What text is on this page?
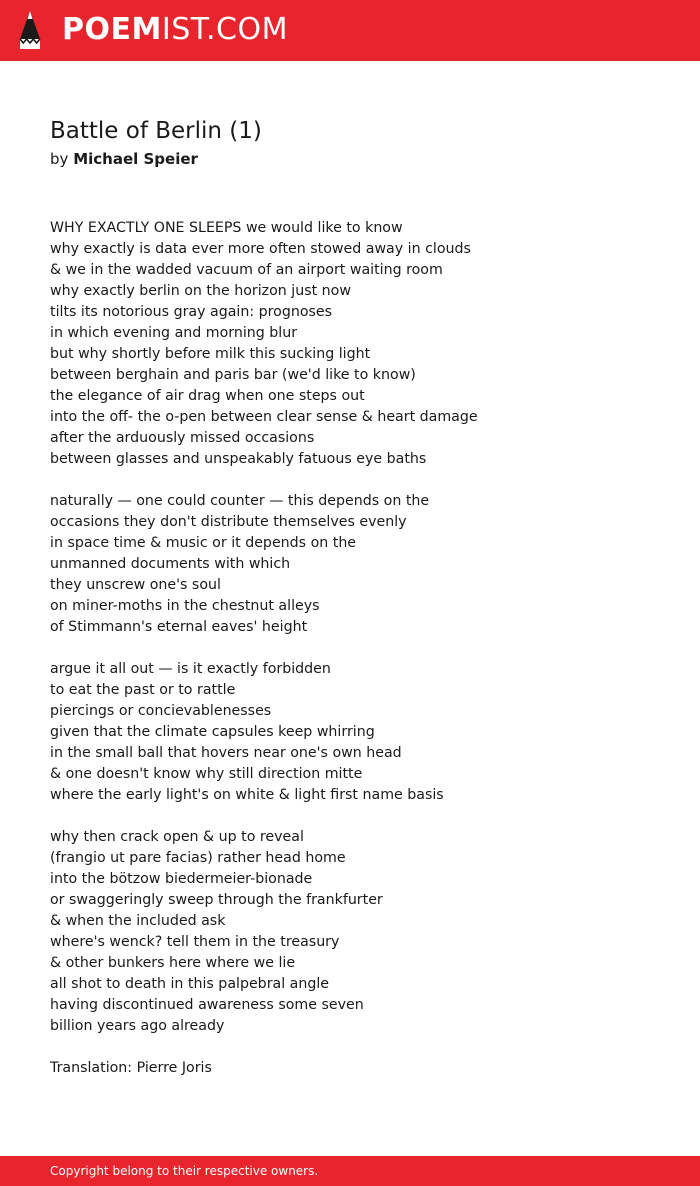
POEMIST.COM
Battle of Berlin (1)
by Michael Speier
WHY EXACTLY ONE SLEEPS we would like to know
why exactly is data ever more often stowed away in clouds
& we in the wadded vacuum of an airport waiting room
why exactly berlin on the horizon just now
tilts its notorious gray again: prognoses
in which evening and morning blur
but why shortly before milk this sucking light
between berghain and paris bar (we'd like to know)
the elegance of air drag when one steps out
into the off- the o-pen between clear sense & heart damage
after the arduously missed occasions
between glasses and unspeakably fatuous eye baths
naturally — one could counter — this depends on the
occasions they don't distribute themselves evenly
in space time & music or it depends on the
unmanned documents with which
they unscrew one's soul
on miner-moths in the chestnut alleys
of Stimmann's eternal eaves' height
argue it all out — is it exactly forbidden
to eat the past or to rattle
piercings or concievablenesses
given that the climate capsules keep whirring
in the small ball that hovers near one's own head
& one doesn't know why still direction mitte
where the early light's on white & light first name basis
why then crack open & up to reveal
(frangio ut pare facias) rather head home
into the bötzow biedermeier-bionade
or swaggeringly sweep through the frankfurter
& when the included ask
where's wenck? tell them in the treasury
& other bunkers here where we lie
all shot to death in this palpebral angle
having discontinued awareness some seven
billion years ago already
Translation: Pierre Joris
Copyright belong to their respective owners.
